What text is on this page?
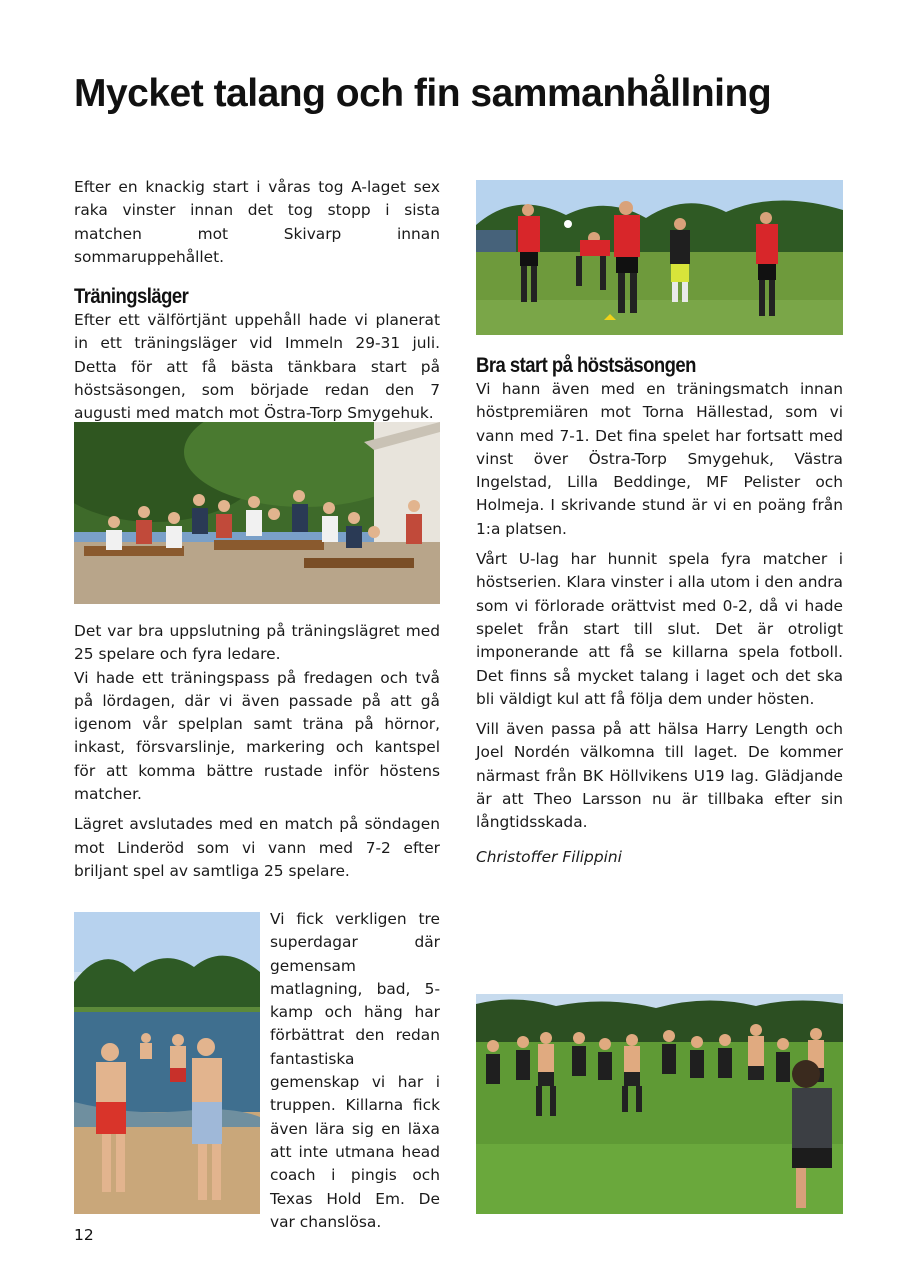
Mycket talang och fin sammanhållning

Efter en knackig start i våras tog A-laget sex raka vinster innan det tog stopp i sista matchen mot Skivarp innan sommaruppehållet.

Träningsläger

Efter ett välförtjänt uppehåll hade vi planerat in ett träningsläger vid Immeln 29-31 juli. Detta för att få bästa tänkbara start på höstsäsongen, som började redan den 7 augusti med match mot Östra-Torp Smygehuk.

Det var bra uppslutning på träningslägret med 25 spelare och fyra ledare.

Vi hade ett träningspass på fredagen och två på lördagen, där vi även passade på att gå igenom vår spelplan samt träna på hörnor, inkast, försvarslinje, markering och kantspel för att komma bättre rustade inför höstens matcher.

Lägret avslutades med en match på söndagen mot Linderöd som vi vann med 7-2 efter briljant spel av samtliga 25 spelare.

Vi fick verkligen tre superdagar där gemensam matlagning, bad, 5-kamp och häng har förbättrat den redan fantastiska gemenskap vi har i truppen. Killarna fick även lära sig en läxa att inte utmana head coach i pingis och Texas Hold Em. De var chanslösa.

Bra start på höstsäsongen

Vi hann även med en träningsmatch innan höstpremiären mot Torna Hällestad, som vi vann med 7-1. Det fina spelet har fortsatt med vinst över Östra-Torp Smygehuk, Västra Ingelstad, Lilla Beddinge, MF Pelister och Holmeja. I skrivande stund är vi en poäng från 1:a platsen.

Vårt U-lag har hunnit spela fyra matcher i höstserien. Klara vinster i alla utom i den andra som vi förlorade orättvist med 0-2, då vi hade spelet från start till slut. Det är otroligt imponerande att få se killarna spela fotboll. Det finns så mycket talang i laget och det ska bli väldigt kul att få följa dem under hösten.

Vill även passa på att hälsa Harry Length och Joel Nordén välkomna till laget. De kommer närmast från BK Höllvikens U19 lag. Glädjande är att Theo Larsson nu är tillbaka efter sin långtidsskada.

Christoffer Filippini
12
